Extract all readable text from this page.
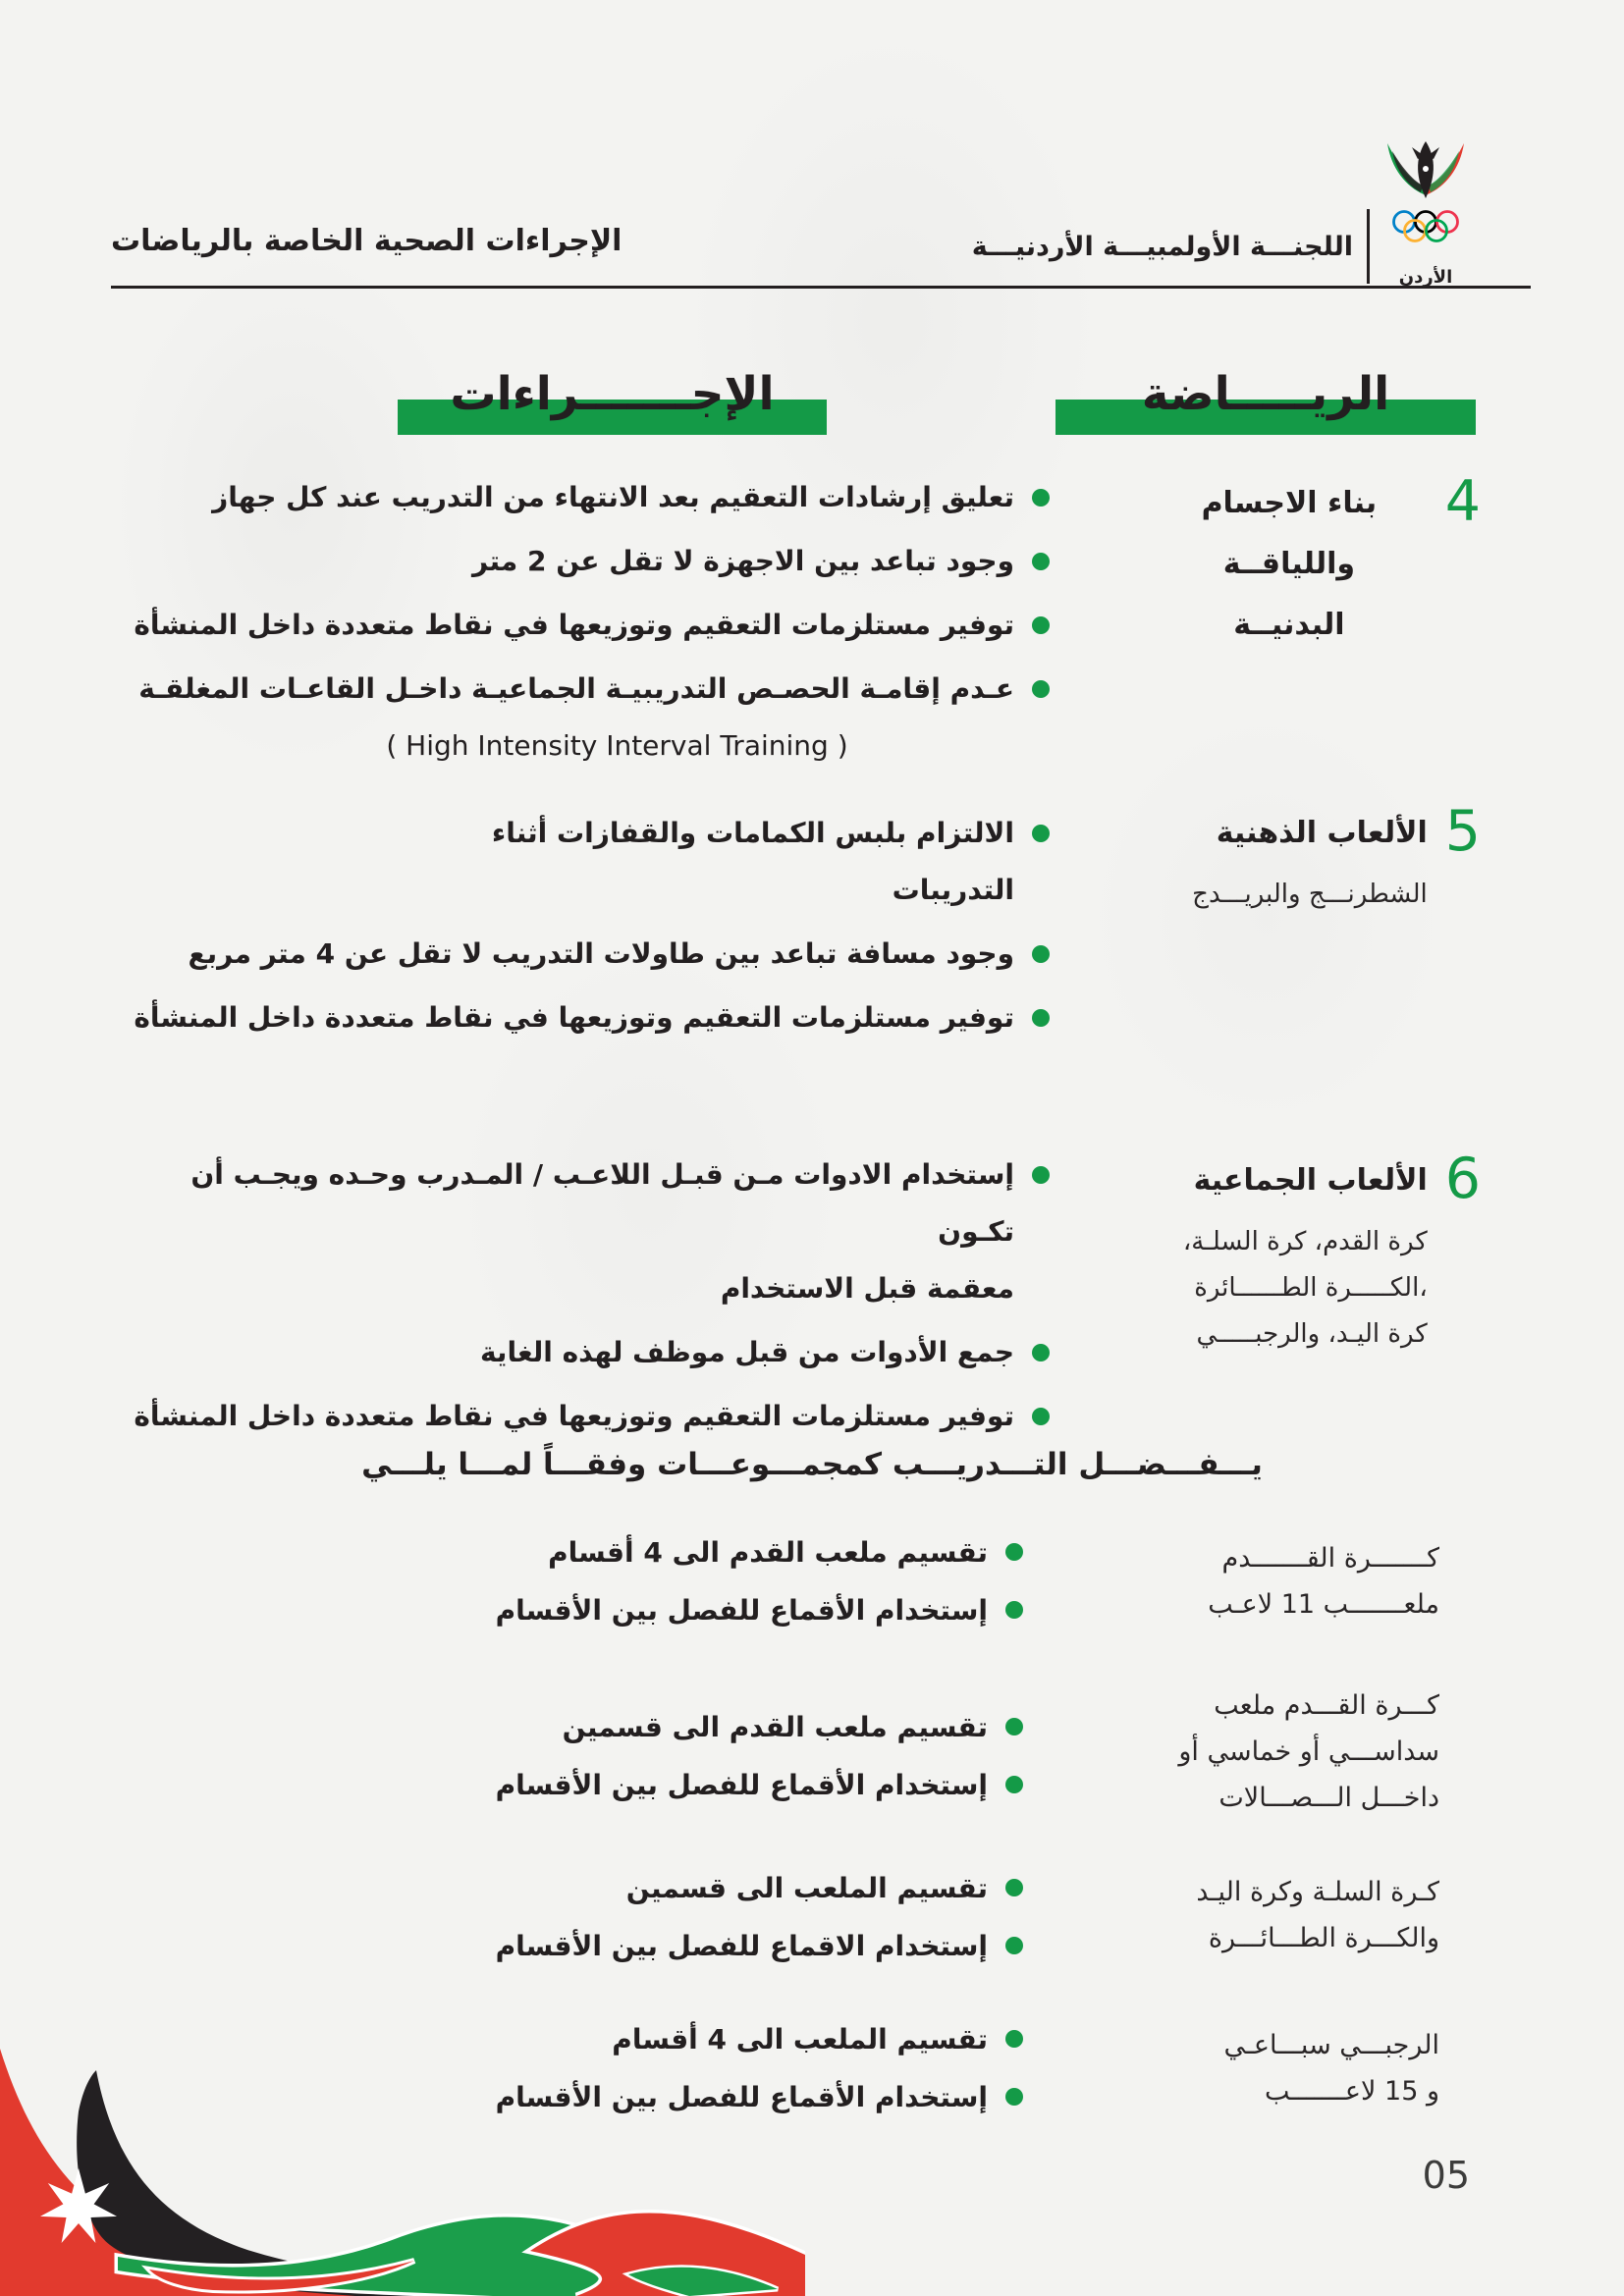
الإجراءات الصحية الخاصة بالرياضات	اللجنـــة الأولمبيـــة الأردنيـــة
الأردن
الريـــــاضة
الإجـــــــراءات
4
بناء الاجسام
واللياقــة
البدنيــة
تعليق إرشادات التعقيم بعد الانتهاء من التدريب عند كل جهاز
وجود تباعد بين الاجهزة لا تقل عن 2 متر
توفير مستلزمات التعقيم وتوزيعها في نقاط متعددة داخل المنشأة
عـدم إقامـة الحصـص التدريبيـة الجماعيـة داخـل القاعـات المغلقـة
( High Intensity Interval Training )
5
الألعاب الذهنية
الشطرنـــج والبريـــدج
الالتزام بلبس الكمامات والقفازات أثناء
التدريبات
وجود مسافة تباعد بين طاولات التدريب لا تقل عن 4 متر مربع
توفير مستلزمات التعقيم وتوزيعها في نقاط متعددة داخل المنشأة
6
الألعاب الجماعية
كرة القدم، كرة السلـة،
،الكـــــرة الطــــــائرة
كرة اليـد، والرجبـــــي
إستخدام الادوات مـن قبـل اللاعـب / المـدرب وحـده ويجـب أن تكـون
معقمة قبل الاستخدام
جمع الأدوات من قبل موظف لهذه الغاية
توفير مستلزمات التعقيم وتوزيعها في نقاط متعددة داخل المنشأة
كـــــــرة القـــــــدم
ملعـــــــب 11 لاعـب
تقسيم ملعب القدم الى 4 أقسام
إستخدام الأقماع للفصل بين الأقسام
كـــرة القـــدم ملعب
سداســـي أو خماسي أو
داخـــل الـــصـــالات
تقسيم ملعب القدم الى قسمين
إستخدام الأقماع للفصل بين الأقسام
كـرة السلـة وكرة اليـد
والكـــرة الطـــائـــرة
تقسيم الملعب الى قسمين
إستخدام الاقماع للفصل بين الأقسام
الرجبـــي سبـــاعـي
و 15 لاعـــــــب
تقسيم الملعب الى 4 أقسام
إستخدام الأقماع للفصل بين الأقسام
يـــفـــضـــل التـــدريـــب كمجمـــوعـــات وفقـــاً لمـــا يلـــي
05
